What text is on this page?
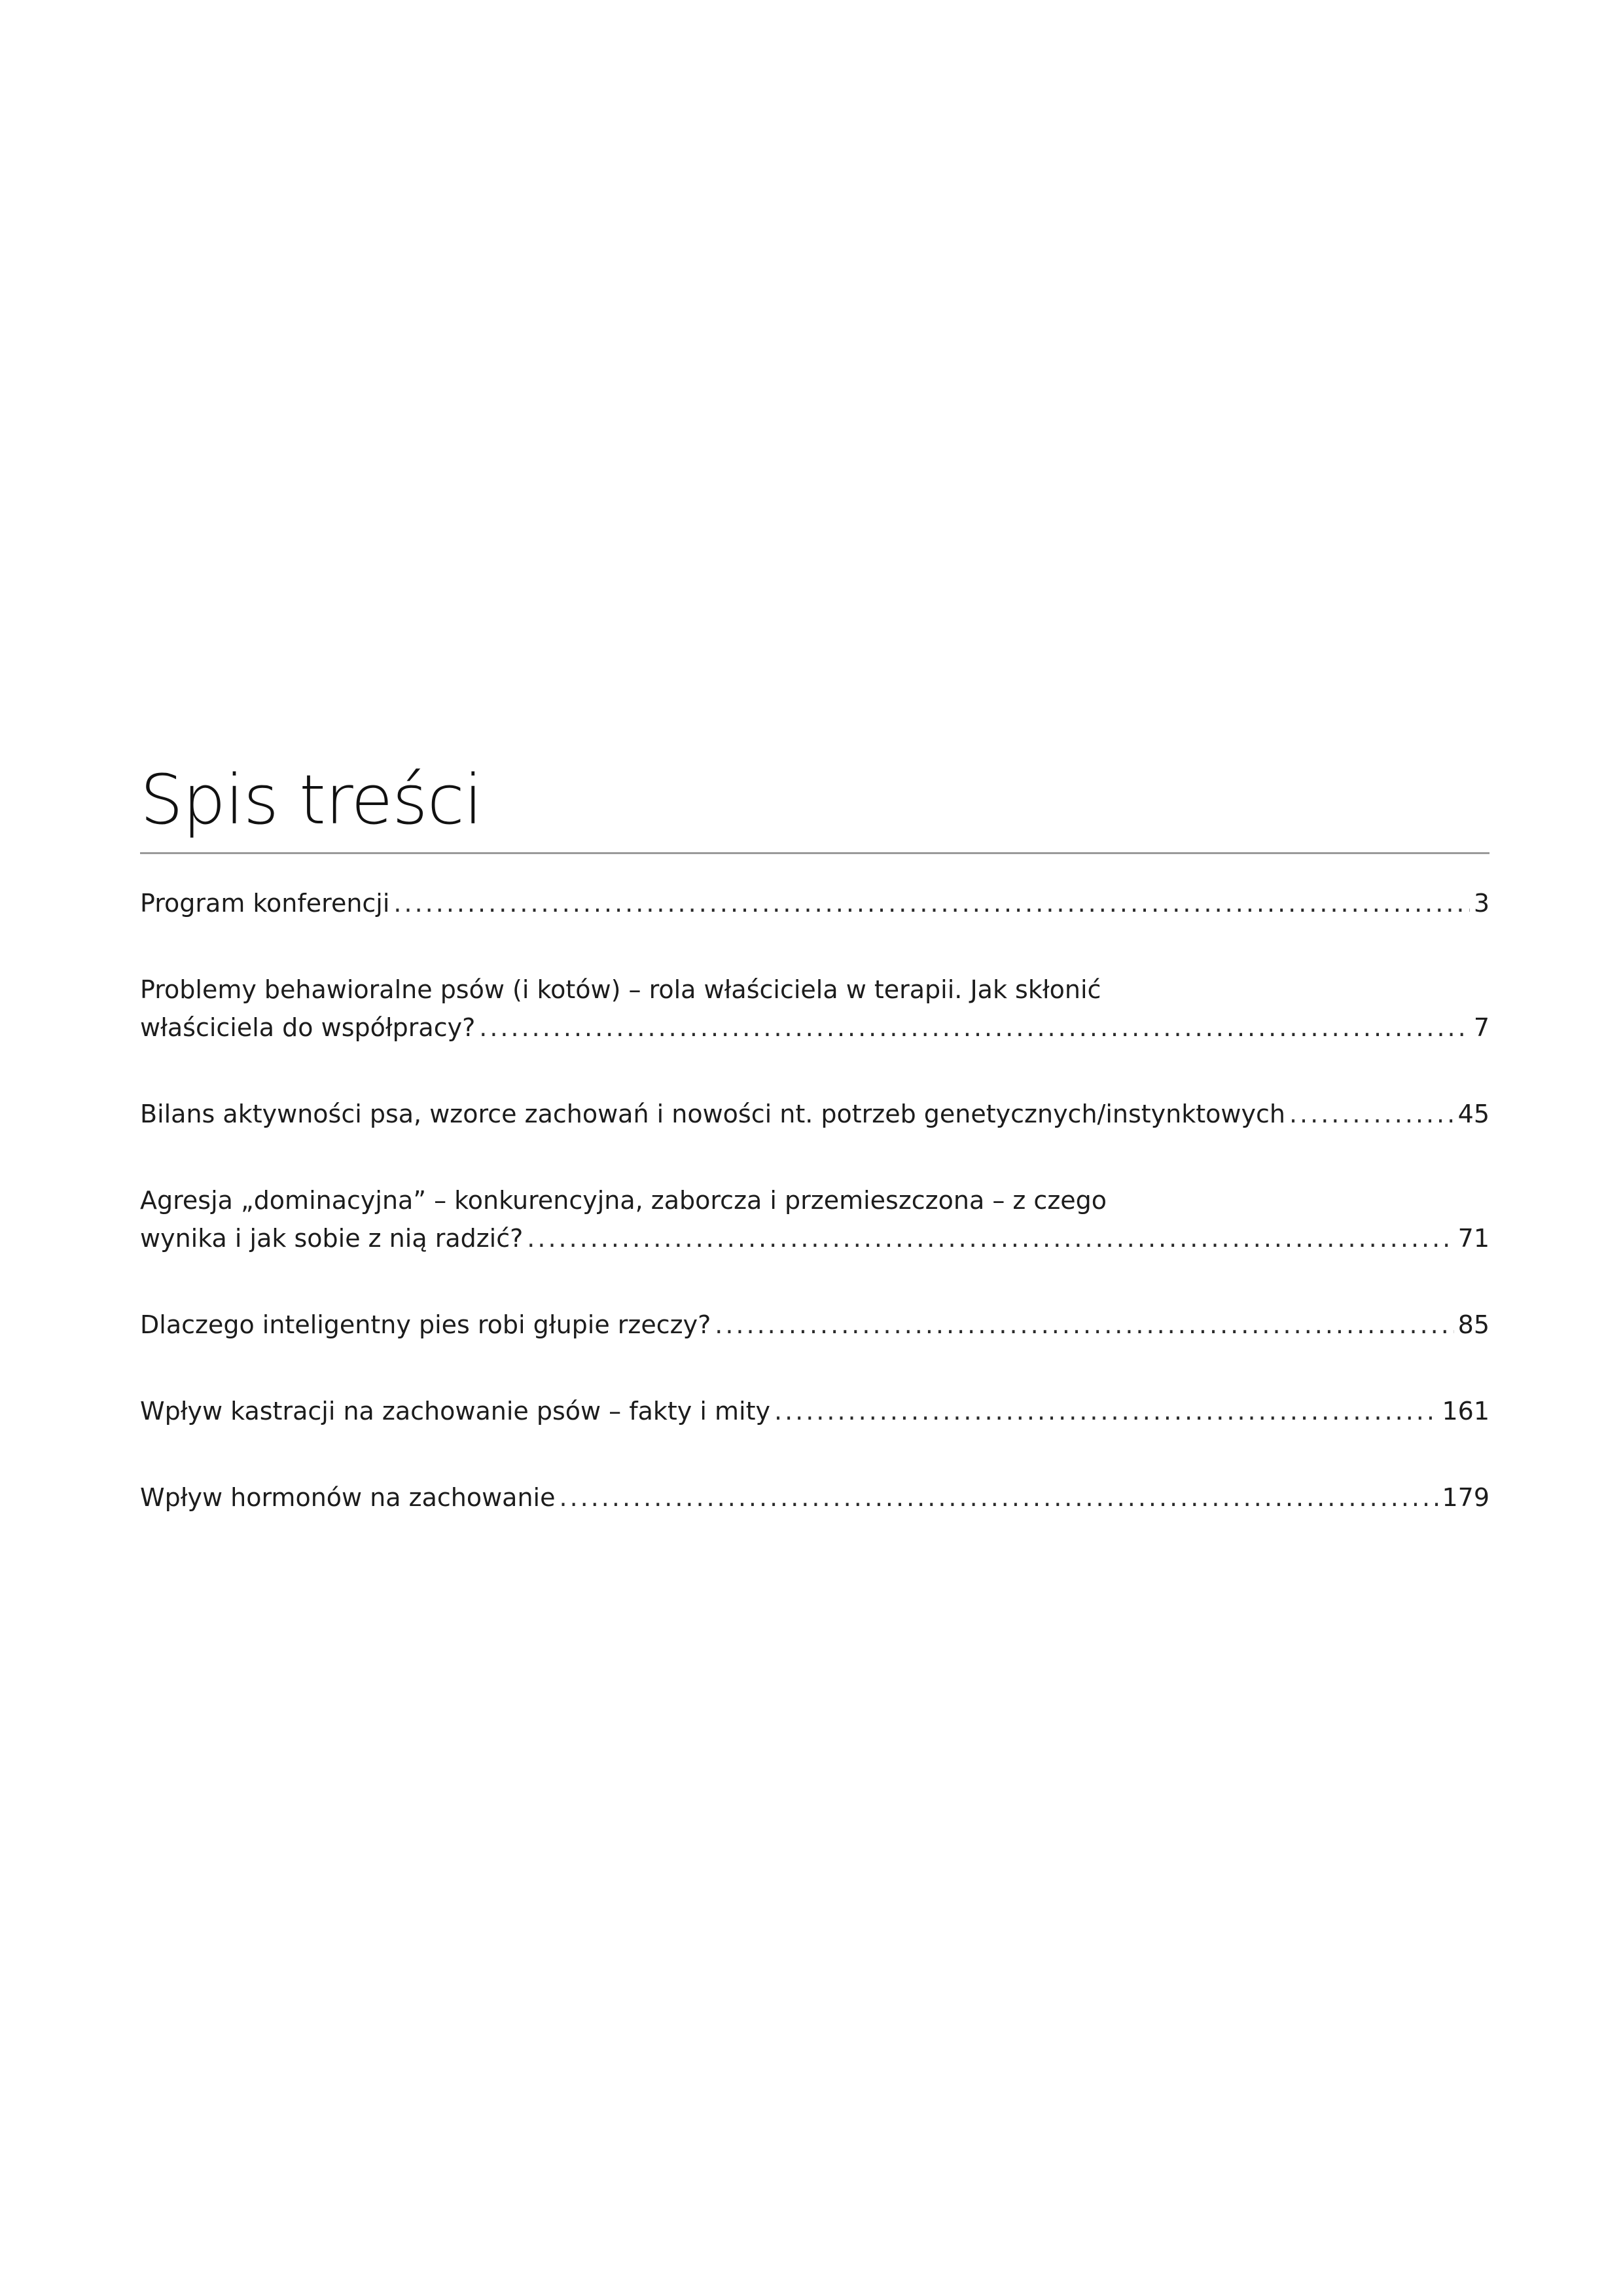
Spis treści
Program konferencji .....	3
Problemy behawioralne psów (i kotów) – rola właściciela w terapii. Jak skłonić
właściciela do współpracy? .....	7
Bilans aktywności psa, wzorce zachowań i nowości nt. potrzeb genetycznych/instynktowych .....	45
Agresja „dominacyjna” – konkurencyjna, zaborcza i przemieszczona – z czego
wynika i jak sobie z nią radzić? .....	71
Dlaczego inteligentny pies robi głupie rzeczy? .....	85
Wpływ kastracji na zachowanie psów – fakty i mity .....	161
Wpływ hormonów na zachowanie .....	179
